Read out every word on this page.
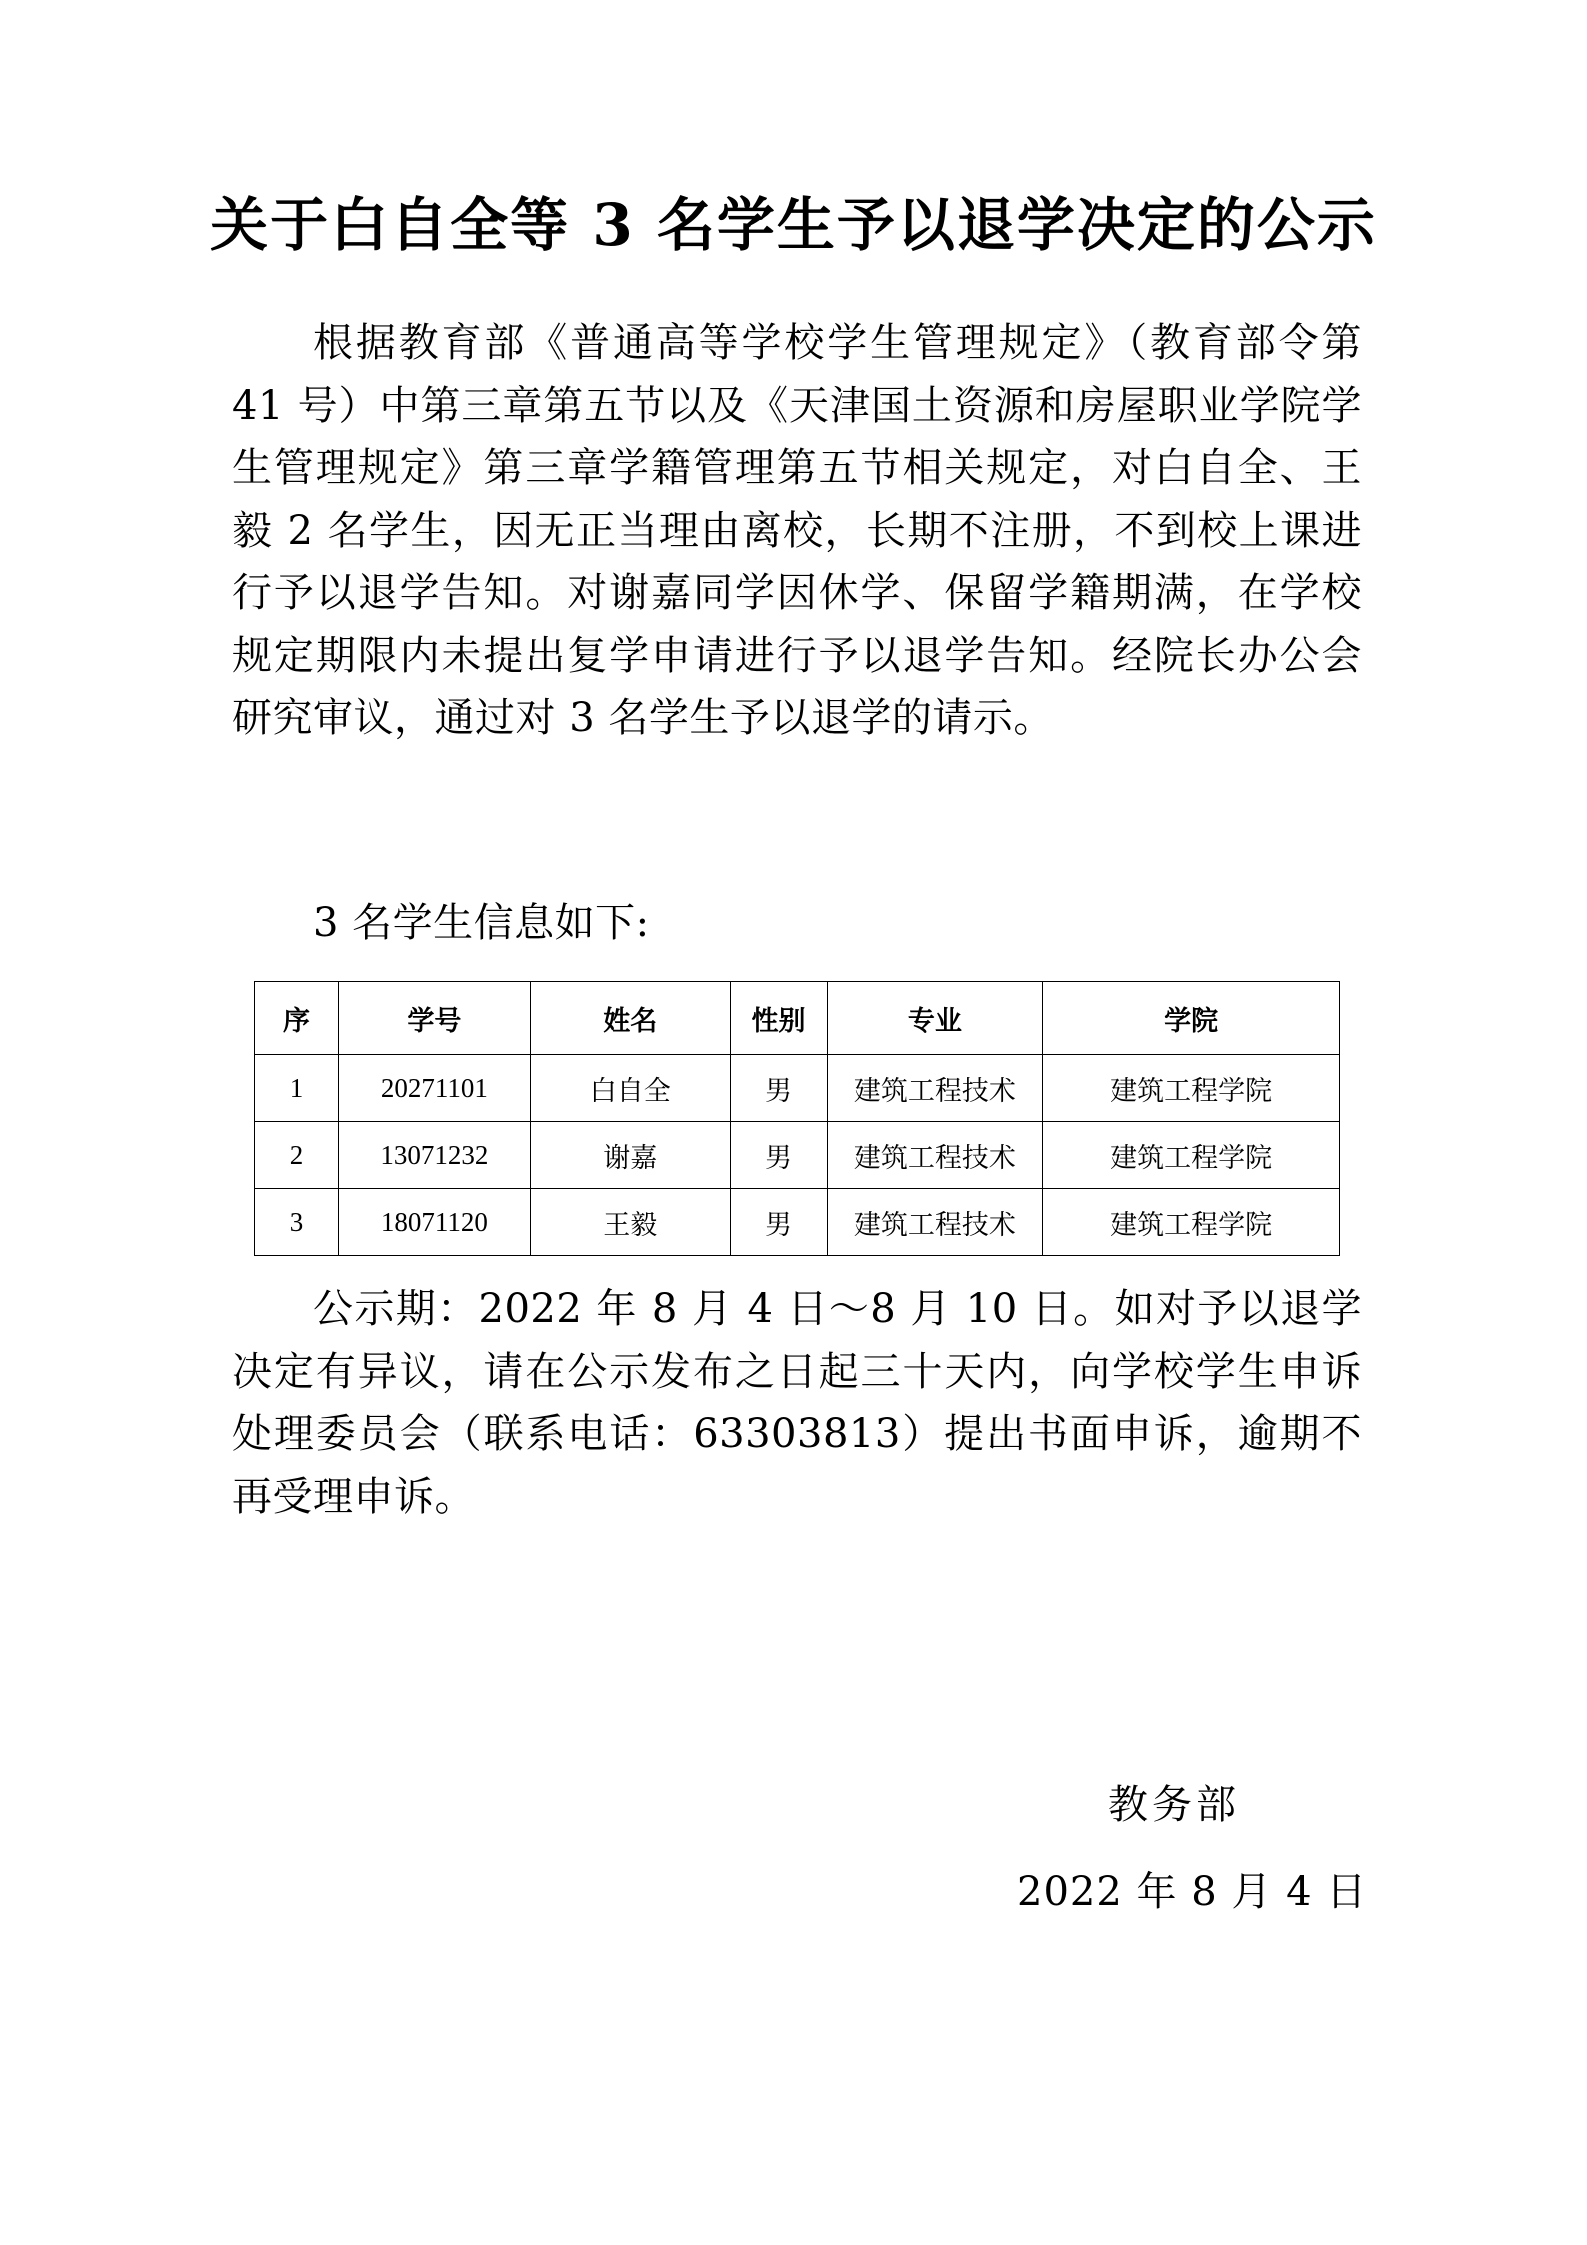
关于白自全等 3 名学生予以退学决定的公示

根据教育部《普通高等学校学生管理规定》（教育部令第 41 号）中第三章第五节以及《天津国土资源和房屋职业学院学生管理规定》第三章学籍管理第五节相关规定，对白自全、王毅 2 名学生，因无正当理由离校，长期不注册，不到校上课进行予以退学告知。对谢嘉同学因休学、保留学籍期满，在学校规定期限内未提出复学申请进行予以退学告知。经院长办公会研究审议，通过对 3 名学生予以退学的请示。

3 名学生信息如下:

序	学号	姓名	性别	专业	学院
1	20271101	白自全	男	建筑工程技术	建筑工程学院
2	13071232	谢嘉	男	建筑工程技术	建筑工程学院
3	18071120	王毅	男	建筑工程技术	建筑工程学院

公示期：2022 年 8 月 4 日～8 月 10 日。如对予以退学决定有异议，请在公示发布之日起三十天内，向学校学生申诉处理委员会（联系电话：63303813）提出书面申诉，逾期不再受理申诉。

教务部
2022 年 8 月 4 日
